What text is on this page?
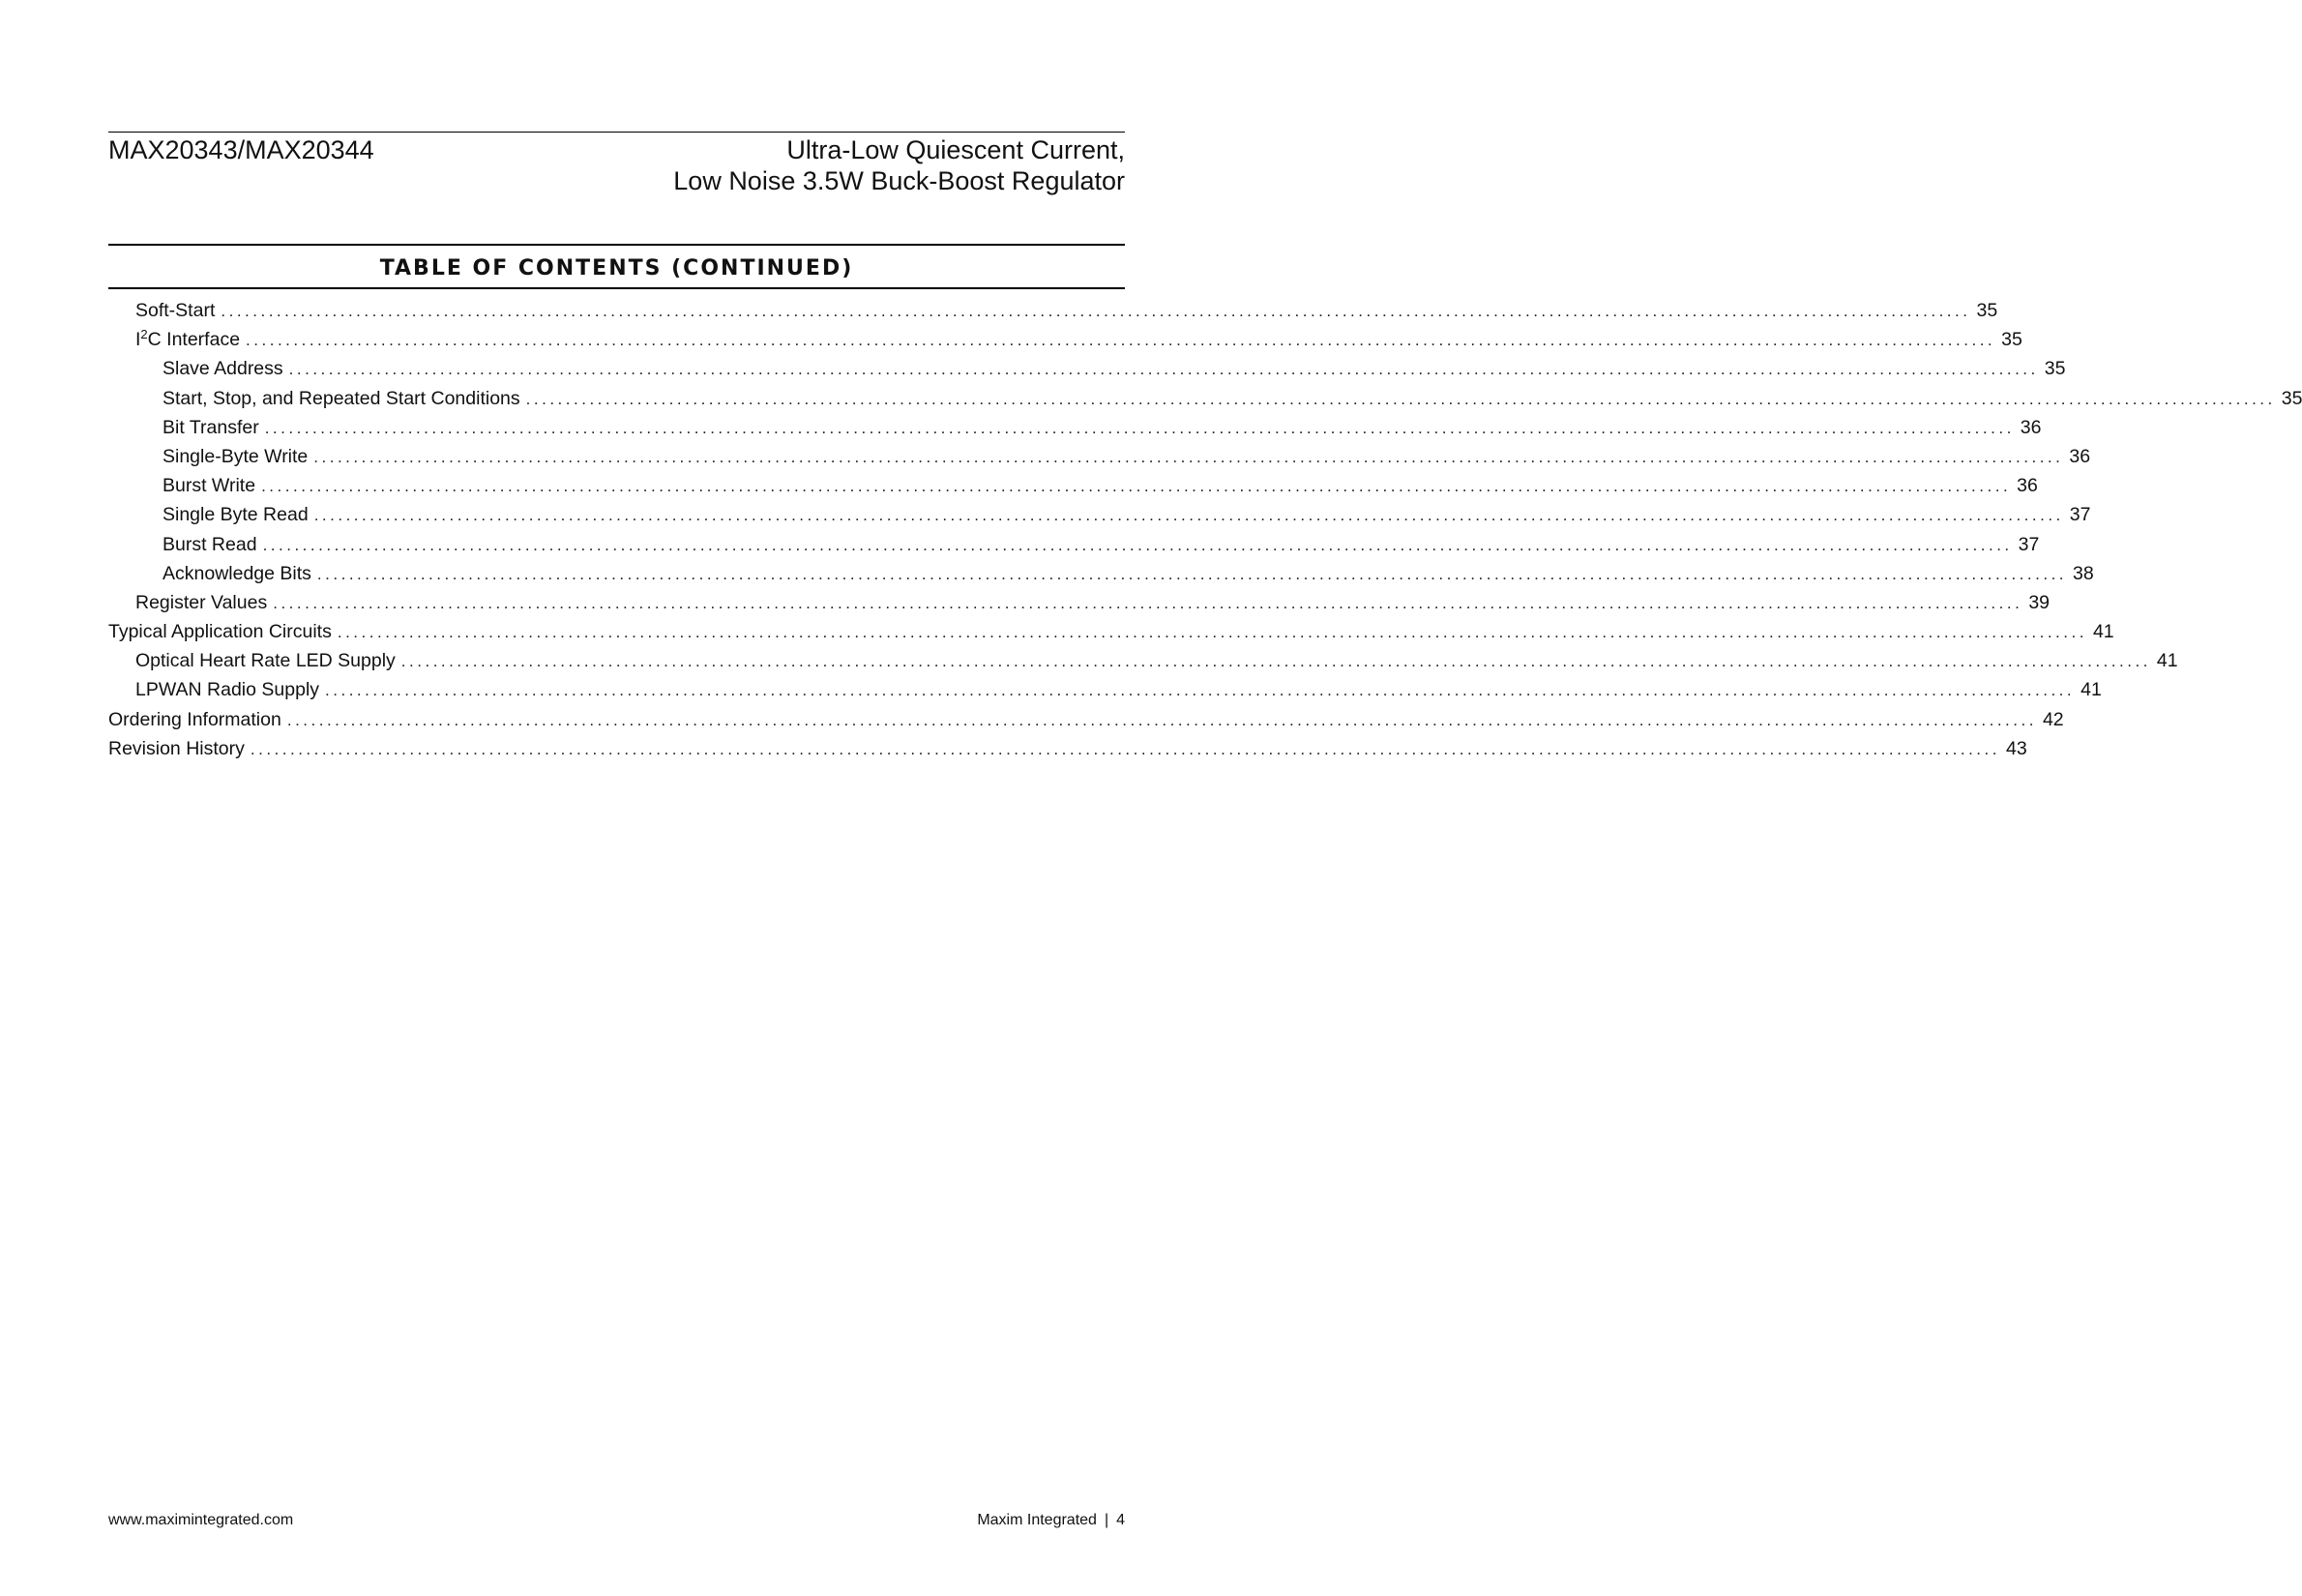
MAX20343/MAX20344	Ultra-Low Quiescent Current,
Low Noise 3.5W Buck-Boost Regulator
TABLE OF CONTENTS (CONTINUED)
Soft-Start ............................................................................................................................................................................................................................ 35
$I^2C$ Interface ............................................................................................................................................................................................................................ 35
Slave Address ............................................................................................................................................................................................................................ 35
Start, Stop, and Repeated Start Conditions ............................................................................................................................................................................................................................ 35
Bit Transfer ............................................................................................................................................................................................................................ 36
Single-Byte Write ............................................................................................................................................................................................................................ 36
Burst Write ............................................................................................................................................................................................................................ 36
Single Byte Read ............................................................................................................................................................................................................................ 37
Burst Read ............................................................................................................................................................................................................................ 37
Acknowledge Bits ............................................................................................................................................................................................................................ 38
Register Values ............................................................................................................................................................................................................................ 39
Typical Application Circuits ............................................................................................................................................................................................................................ 41
Optical Heart Rate LED Supply ............................................................................................................................................................................................................................ 41
LPWAN Radio Supply ............................................................................................................................................................................................................................ 41
Ordering Information ............................................................................................................................................................................................................................ 42
Revision History ............................................................................................................................................................................................................................ 43
www.maximintegrated.com	Maxim Integrated | 4
